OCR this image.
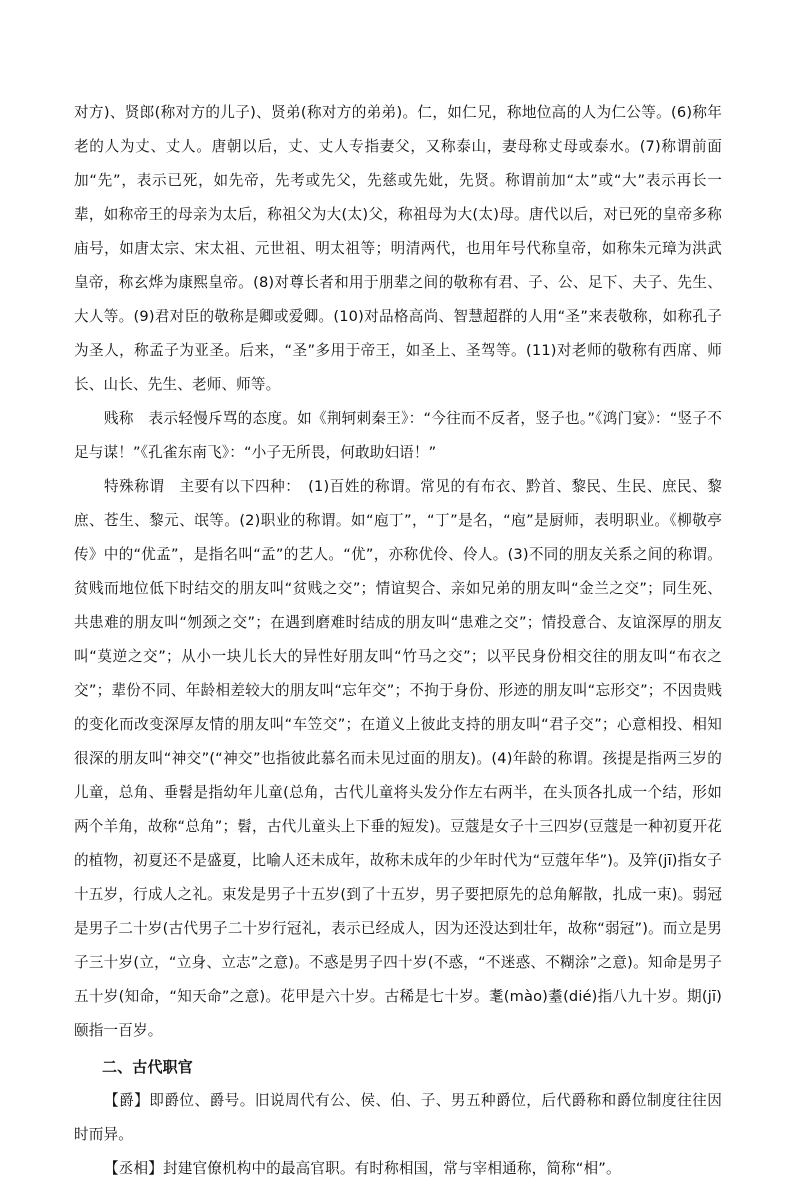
对方)、贤郎(称对方的儿子)、贤弟(称对方的弟弟)。仁，如仁兄，称地位高的人为仁公等。(6)称年老的人为丈、丈人。唐朝以后，丈、丈人专指妻父，又称泰山，妻母称丈母或泰水。(7)称谓前面加“先”，表示已死，如先帝，先考或先父，先慈或先妣，先贤。称谓前加“太”或“大”表示再长一辈，如称帝王的母亲为太后，称祖父为大(太)父，称祖母为大(太)母。唐代以后，对已死的皇帝多称庙号，如唐太宗、宋太祖、元世祖、明太祖等；明清两代，也用年号代称皇帝，如称朱元璋为洪武皇帝，称玄烨为康熙皇帝。(8)对尊长者和用于朋辈之间的敬称有君、子、公、足下、夫子、先生、大人等。(9)君对臣的敬称是卿或爱卿。(10)对品格高尚、智慧超群的人用“圣”来表敬称，如称孔子为圣人，称孟子为亚圣。后来，“圣”多用于帝王，如圣上、圣驾等。(11)对老师的敬称有西席、师长、山长、先生、老师、师等。

贱称　表示轻慢斥骂的态度。如《荆轲刺秦王》：“今往而不反者，竖子也。”《鸿门宴》：“竖子不足与谋！”《孔雀东南飞》：“小子无所畏，何敢助妇语！”

特殊称谓　主要有以下四种：　(1)百姓的称谓。常见的有布衣、黔首、黎民、生民、庶民、黎庶、苍生、黎元、氓等。(2)职业的称谓。如“庖丁”，“丁”是名，“庖”是厨师，表明职业。《柳敬亭传》中的“优孟”，是指名叫“孟”的艺人。“优”，亦称优伶、伶人。(3)不同的朋友关系之间的称谓。贫贱而地位低下时结交的朋友叫“贫贱之交”；情谊契合、亲如兄弟的朋友叫“金兰之交”；同生死、共患难的朋友叫“刎颈之交”；在遇到磨难时结成的朋友叫“患难之交”；情投意合、友谊深厚的朋友叫“莫逆之交”；从小一块儿长大的异性好朋友叫“竹马之交”；以平民身份相交往的朋友叫“布衣之交”；辈份不同、年龄相差较大的朋友叫“忘年交”；不拘于身份、形迹的朋友叫“忘形交”；不因贵贱的变化而改变深厚友情的朋友叫“车笠交”；在道义上彼此支持的朋友叫“君子交”；心意相投、相知很深的朋友叫“神交”(“神交”也指彼此慕名而未见过面的朋友)。(4)年龄的称谓。孩提是指两三岁的儿童，总角、垂髫是指幼年儿童(总角，古代儿童将头发分作左右两半，在头顶各扎成一个结，形如两个羊角，故称“总角”；髫，古代儿童头上下垂的短发)。豆蔻是女子十三四岁(豆蔻是一种初夏开花的植物，初夏还不是盛夏，比喻人还未成年，故称未成年的少年时代为“豆蔻年华”)。及笄(jī)指女子十五岁，行成人之礼。束发是男子十五岁(到了十五岁，男子要把原先的总角解散，扎成一束)。弱冠是男子二十岁(古代男子二十岁行冠礼，表示已经成人，因为还没达到壮年，故称“弱冠”)。而立是男子三十岁(立，“立身、立志”之意)。不惑是男子四十岁(不惑，“不迷惑、不糊涂”之意)。知命是男子五十岁(知命，“知天命”之意)。花甲是六十岁。古稀是七十岁。耄(mào)耋(dié)指八九十岁。期(jī)颐指一百岁。

二、古代职官

【爵】即爵位、爵号。旧说周代有公、侯、伯、子、男五种爵位，后代爵称和爵位制度往往因时而异。

【丞相】封建官僚机构中的最高官职。有时称相国，常与宰相通称，简称“相”。
